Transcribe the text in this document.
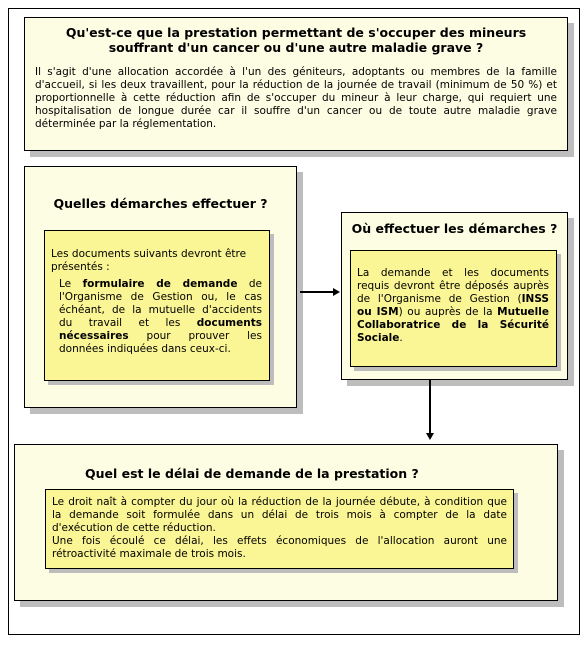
Qu'est-ce que la prestation permettant de s'occuper des mineurs souffrant d'un cancer ou d'une autre maladie grave ?
Il s'agit d'une allocation accordée à l'un des géniteurs, adoptants ou membres de la famille d'accueil, si les deux travaillent, pour la réduction de la journée de travail (minimum de 50 %) et proportionnelle à cette réduction afin de s'occuper du mineur à leur charge, qui requiert une hospitalisation de longue durée car il souffre d'un cancer ou de toute autre maladie grave déterminée par la réglementation.
Quelles démarches effectuer ?
Les documents suivants devront être présentés :
Le formulaire de demande de l'Organisme de Gestion ou, le cas échéant, de la mutuelle d'accidents du travail et les documents nécessaires pour prouver les données indiquées dans ceux-ci.
Où effectuer les démarches ?
La demande et les documents requis devront être déposés auprès de l'Organisme de Gestion (INSS ou ISM) ou auprès de la Mutuelle Collaboratrice de la Sécurité Sociale.
Quel est le délai de demande de la prestation ?
Le droit naît à compter du jour où la réduction de la journée débute, à condition que la demande soit formulée dans un délai de trois mois à compter de la date d'exécution de cette réduction.
Une fois écoulé ce délai, les effets économiques de l'allocation auront une rétroactivité maximale de trois mois.
